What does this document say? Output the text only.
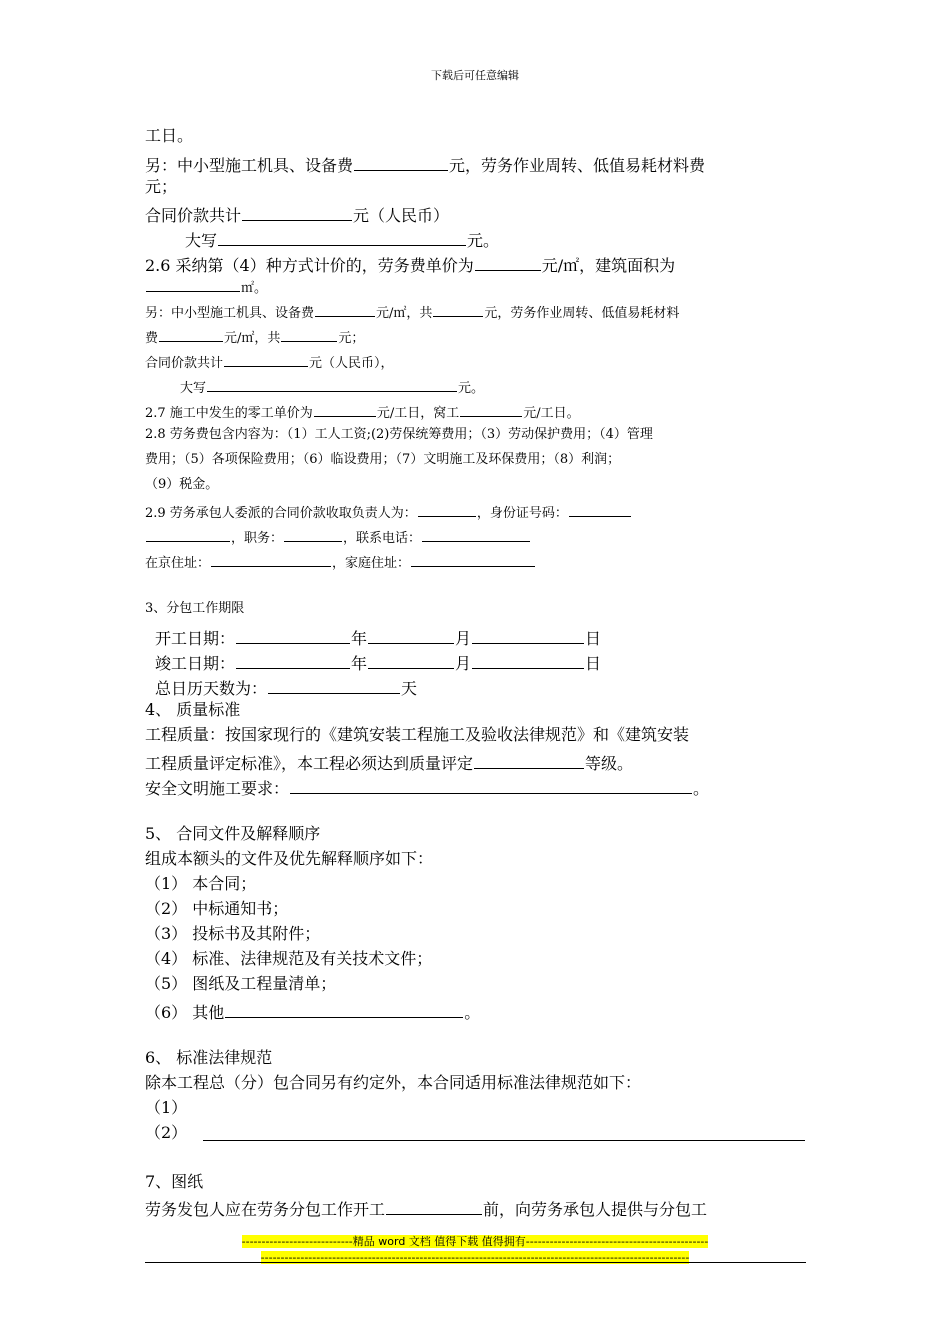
下载后可任意编辑
工日。
另：中小型施工机具、设备费	元，劳务作业周转、低值易耗材料费
元；
合同价款共计	元（人民币）
大写	元。
2.6 采纳第（4）种方式计价的，劳务费单价为	元/㎡，建筑面积为
㎡。
另：中小型施工机具、设备费	元/㎡，共	元，劳务作业周转、低值易耗材料
费	元/㎡，共	元；
合同价款共计	元（人民币），
大写	元。
2.7 施工中发生的零工单价为	元/工日，窝工	元/工日。
2.8 劳务费包含内容为：（1）工人工资;(2)劳保统筹费用；（3）劳动保护费用；（4）管理
费用；（5）各项保险费用；（6）临设费用；（7）文明施工及环保费用；（8）利润；
（9）税金。
2.9 劳务承包人委派的合同价款收取负责人为：	，身份证号码：
，职务：	，联系电话：
在京住址：	，家庭住址：
3、分包工作期限
开工日期：	年	月	日
竣工日期：	年	月	日
总日历天数为：	天
4、 质量标准
工程质量：按国家现行的《建筑安装工程施工及验收法律规范》和《建筑安装
工程质量评定标准》，本工程必须达到质量评定	等级。
安全文明施工要求：	。
5、 合同文件及解释顺序
组成本额头的文件及优先解释顺序如下：
（1） 本合同；
（2） 中标通知书；
（3） 投标书及其附件；
（4） 标准、法律规范及有关技术文件；
（5） 图纸及工程量清单；
（6） 其他	。
6、 标准法律规范
除本工程总（分）包合同另有约定外，本合同适用标准法律规范如下：
（1）
（2）
7、图纸
劳务发包人应在劳务分包工作开工	前，向劳务承包人提供与分包工
----------------------------精品 word 文档 值得下载 值得拥有----------------------------------------------
------------------------------------------------------------------------------------------------------------
